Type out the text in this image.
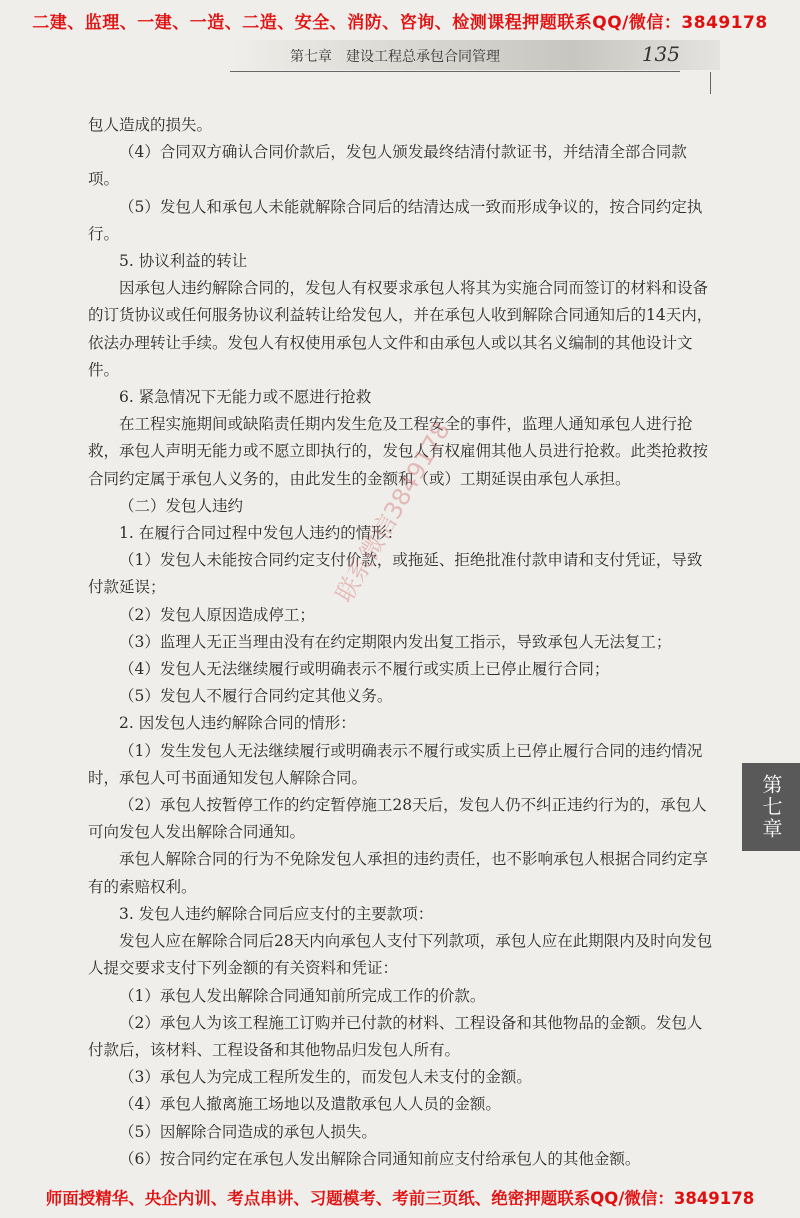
二建、监理、一建、一造、二造、安全、消防、咨询、检测课程押题联系QQ/微信：3849178
第七章　建设工程总承包合同管理	135

包人造成的损失。

（4）合同双方确认合同价款后，发包人颁发最终结清付款证书，并结清全部合同款项。

（5）发包人和承包人未能就解除合同后的结清达成一致而形成争议的，按合同约定执行。

5. 协议利益的转让

因承包人违约解除合同的，发包人有权要求承包人将其为实施合同而签订的材料和设备的订货协议或任何服务协议利益转让给发包人，并在承包人收到解除合同通知后的14天内，依法办理转让手续。发包人有权使用承包人文件和由承包人或以其名义编制的其他设计文件。

6. 紧急情况下无能力或不愿进行抢救

在工程实施期间或缺陷责任期内发生危及工程安全的事件，监理人通知承包人进行抢救，承包人声明无能力或不愿立即执行的，发包人有权雇佣其他人员进行抢救。此类抢救按合同约定属于承包人义务的，由此发生的金额和（或）工期延误由承包人承担。

（二）发包人违约

1. 在履行合同过程中发包人违约的情形：

（1）发包人未能按合同约定支付价款，或拖延、拒绝批准付款申请和支付凭证，导致付款延误；

（2）发包人原因造成停工；

（3）监理人无正当理由没有在约定期限内发出复工指示，导致承包人无法复工；

（4）发包人无法继续履行或明确表示不履行或实质上已停止履行合同；

（5）发包人不履行合同约定其他义务。

2. 因发包人违约解除合同的情形：

（1）发生发包人无法继续履行或明确表示不履行或实质上已停止履行合同的违约情况时，承包人可书面通知发包人解除合同。

（2）承包人按暂停工作的约定暂停施工28天后，发包人仍不纠正违约行为的，承包人可向发包人发出解除合同通知。

承包人解除合同的行为不免除发包人承担的违约责任，也不影响承包人根据合同约定享有的索赔权利。

3. 发包人违约解除合同后应支付的主要款项：

发包人应在解除合同后28天内向承包人支付下列款项，承包人应在此期限内及时向发包人提交要求支付下列金额的有关资料和凭证：

（1）承包人发出解除合同通知前所完成工作的价款。

（2）承包人为该工程施工订购并已付款的材料、工程设备和其他物品的金额。发包人付款后，该材料、工程设备和其他物品归发包人所有。

（3）承包人为完成工程所发生的，而发包人未支付的金额。

（4）承包人撤离施工场地以及遣散承包人人员的金额。

（5）因解除合同造成的承包人损失。

（6）按合同约定在承包人发出解除合同通知前应支付给承包人的其他金额。

联系微信3849178
第七章
师面授精华、央企内训、考点串讲、习题模考、考前三页纸、绝密押题联系QQ/微信：3849178
